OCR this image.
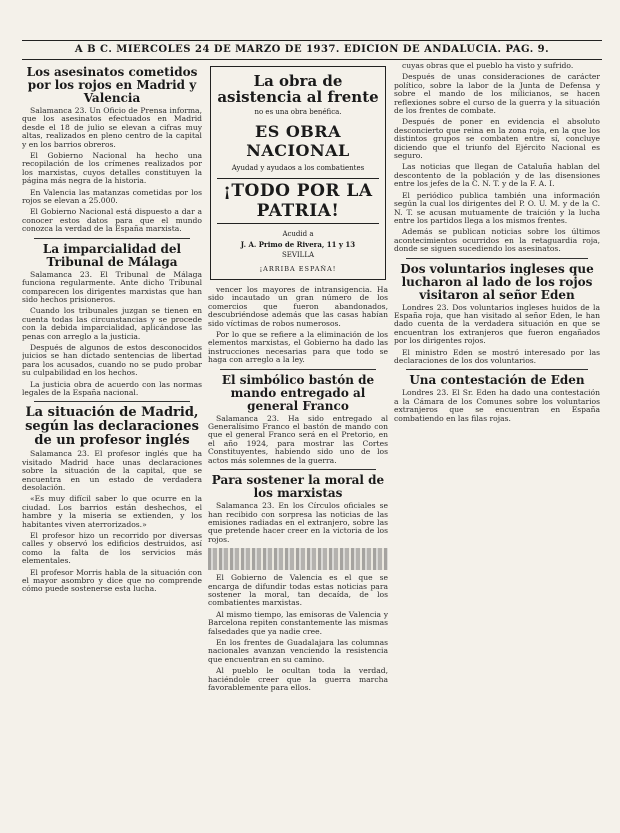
A B C. MIERCOLES 24 DE MARZO DE 1937. EDICION DE ANDALUCIA. PAG. 9.
Los asesinatos cometidos por los rojos en Madrid y Valencia

Salamanca 23. Un Oficio de Prensa informa, que los asesinatos efectuados en Madrid desde el 18 de julio se elevan a cifras muy altas, realizados en pleno centro de la capital y en los barrios obreros.

El Gobierno Nacional ha hecho una recopilación de los crímenes realizados por los marxistas, cuyos detalles constituyen la página más negra de la historia.

En Valencia las matanzas cometidas por los rojos se elevan a 25.000.

El Gobierno Nacional está dispuesto a dar a conocer estos datos para que el mundo conozca la verdad de la España marxista.

La imparcialidad del Tribunal de Málaga

Salamanca 23. El Tribunal de Málaga funciona regularmente. Ante dicho Tribunal comparecen los dirigentes marxistas que han sido hechos prisioneros.

Cuando los tribunales juzgan se tienen en cuenta todas las circunstancias y se procede con la debida imparcialidad, aplicándose las penas con arreglo a la justicia.

Después de algunos de estos desconocidos juicios se han dictado sentencias de libertad para los acusados, cuando no se pudo probar su culpabilidad en los hechos.

La justicia obra de acuerdo con las normas legales de la España nacional.

La situación de Madrid, según las declaraciones de un profesor inglés

Salamanca 23. El profesor inglés que ha visitado Madrid hace unas declaraciones sobre la situación de la capital, que se encuentra en un estado de verdadera desolación.

«Es muy difícil saber lo que ocurre en la ciudad. Los barrios están deshechos, el hambre y la miseria se extienden, y los habitantes viven aterrorizados.»

El profesor hizo un recorrido por diversas calles y observó los edificios destruidos, así como la falta de los servicios más elementales.

El profesor Morris habla de la situación con el mayor asombro y dice que no comprende cómo puede sostenerse esta lucha.

La obra de asistencia al frente
no es una obra benéfica.
ES OBRA NACIONAL
Ayudad y ayudaos a los combatientes
¡TODO POR LA PATRIA!
Acudid a
J. A. Primo de Rivera, 11 y 13
SEVILLA
¡ARRIBA ESPAÑA!

vencer los mayores de intransigencia. Ha sido incautado un gran número de los comercios que fueron abandonados, descubriéndose además que las casas habían sido víctimas de robos numerosos.

Por lo que se refiere a la eliminación de los elementos marxistas, el Gobierno ha dado las instrucciones necesarias para que todo se haga con arreglo a la ley.

El simbólico bastón de mando entregado al general Franco

Salamanca 23. Ha sido entregado al Generalísimo Franco el bastón de mando con que el general Franco será en el Pretorio, en el año 1924, para mostrar las Cortes Constituyentes, habiendo sido uno de los actos más solemnes de la guerra.

Para sostener la moral de los marxistas

Salamanca 23. En los Círculos oficiales se han recibido con sorpresa las noticias de las emisiones radiadas en el extranjero, sobre las que pretende hacer creer en la victoria de los rojos.

El Gobierno de Valencia es el que se encarga de difundir todas estas noticias para sostener la moral, tan decaída, de los combatientes marxistas.

Al mismo tiempo, las emisoras de Valencia y Barcelona repiten constantemente las mismas falsedades que ya nadie cree.

En los frentes de Guadalajara las columnas nacionales avanzan venciendo la resistencia que encuentran en su camino.

Al pueblo le ocultan toda la verdad, haciéndole creer que la guerra marcha favorablemente para ellos.

cuyas obras que el pueblo ha visto y sufrido.

Después de unas consideraciones de carácter político, sobre la labor de la Junta de Defensa y sobre el mando de los milicianos, se hacen reflexiones sobre el curso de la guerra y la situación de los frentes de combate.

Después de poner en evidencia el absoluto desconcierto que reina en la zona roja, en la que los distintos grupos se combaten entre sí, concluye diciendo que el triunfo del Ejército Nacional es seguro.

Las noticias que llegan de Cataluña hablan del descontento de la población y de las disensiones entre los jefes de la C. N. T. y de la F. A. I.

El periódico publica también una información según la cual los dirigentes del P. O. U. M. y de la C. N. T. se acusan mutuamente de traición y la lucha entre los partidos llega a los mismos frentes.

Además se publican noticias sobre los últimos acontecimientos ocurridos en la retaguardia roja, donde se siguen sucediendo los asesinatos.

Dos voluntarios ingleses que lucharon al lado de los rojos visitaron al señor Eden

Londres 23. Dos voluntarios ingleses huidos de la España roja, que han visitado al señor Eden, le han dado cuenta de la verdadera situación en que se encuentran los extranjeros que fueron engañados por los dirigentes rojos.

El ministro Eden se mostró interesado por las declaraciones de los dos voluntarios.

Una contestación de Eden

Londres 23. El Sr. Eden ha dado una contestación a la Cámara de los Comunes sobre los voluntarios extranjeros que se encuentran en España combatiendo en las filas rojas.
